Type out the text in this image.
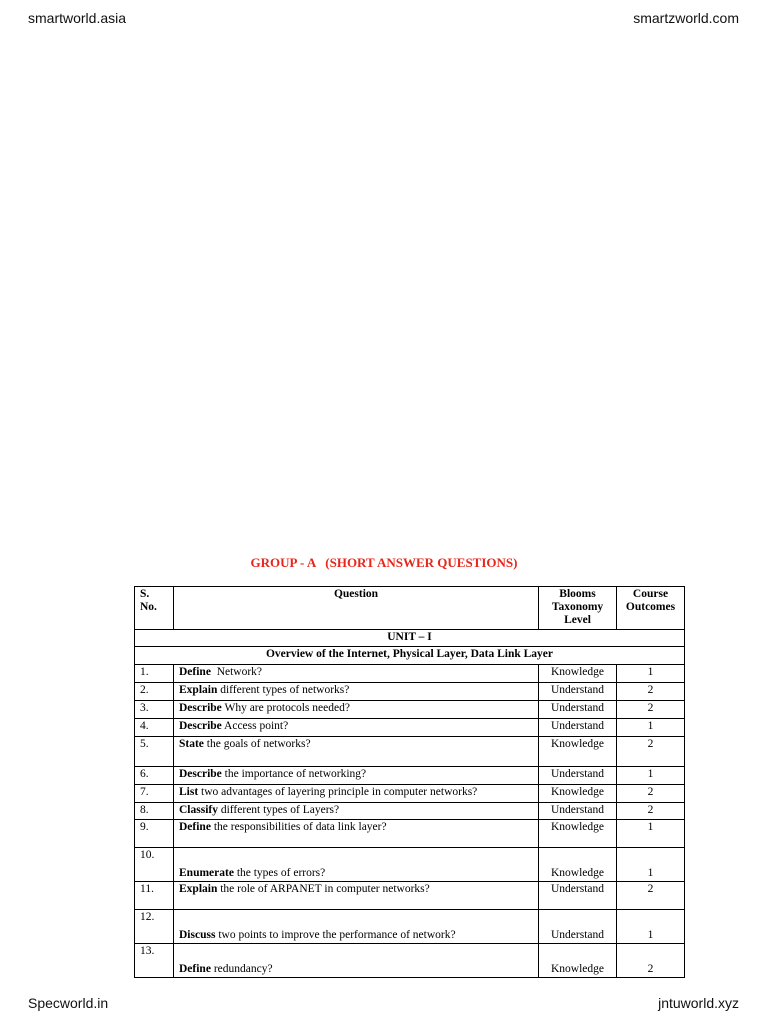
smartworld.asia	smartzworld.com
GROUP - A   (SHORT ANSWER QUESTIONS)
S. No.	Question	Blooms Taxonomy Level	Course Outcomes
UNIT – I			
Overview of the Internet, Physical Layer, Data Link Layer			
1.	Define  Network?	Knowledge	1
2.	Explain different types of networks?	Understand	2
3.	Describe Why are protocols needed?	Understand	2
4.	Describe Access point?	Understand	1
5.	State the goals of networks?	Knowledge	2
6.	Describe the importance of networking?	Understand	1
7.	List two advantages of layering principle in computer networks?	Knowledge	2
8.	Classify different types of Layers?	Understand	2
9.	Define the responsibilities of data link layer?	Knowledge	1
10.	Enumerate the types of errors?	Knowledge	1
11.	Explain the role of ARPANET in computer networks?	Understand	2
12.	Discuss two points to improve the performance of network?	Understand	1
13.	Define redundancy?	Knowledge	2
Specworld.in	jntuworld.xyz
